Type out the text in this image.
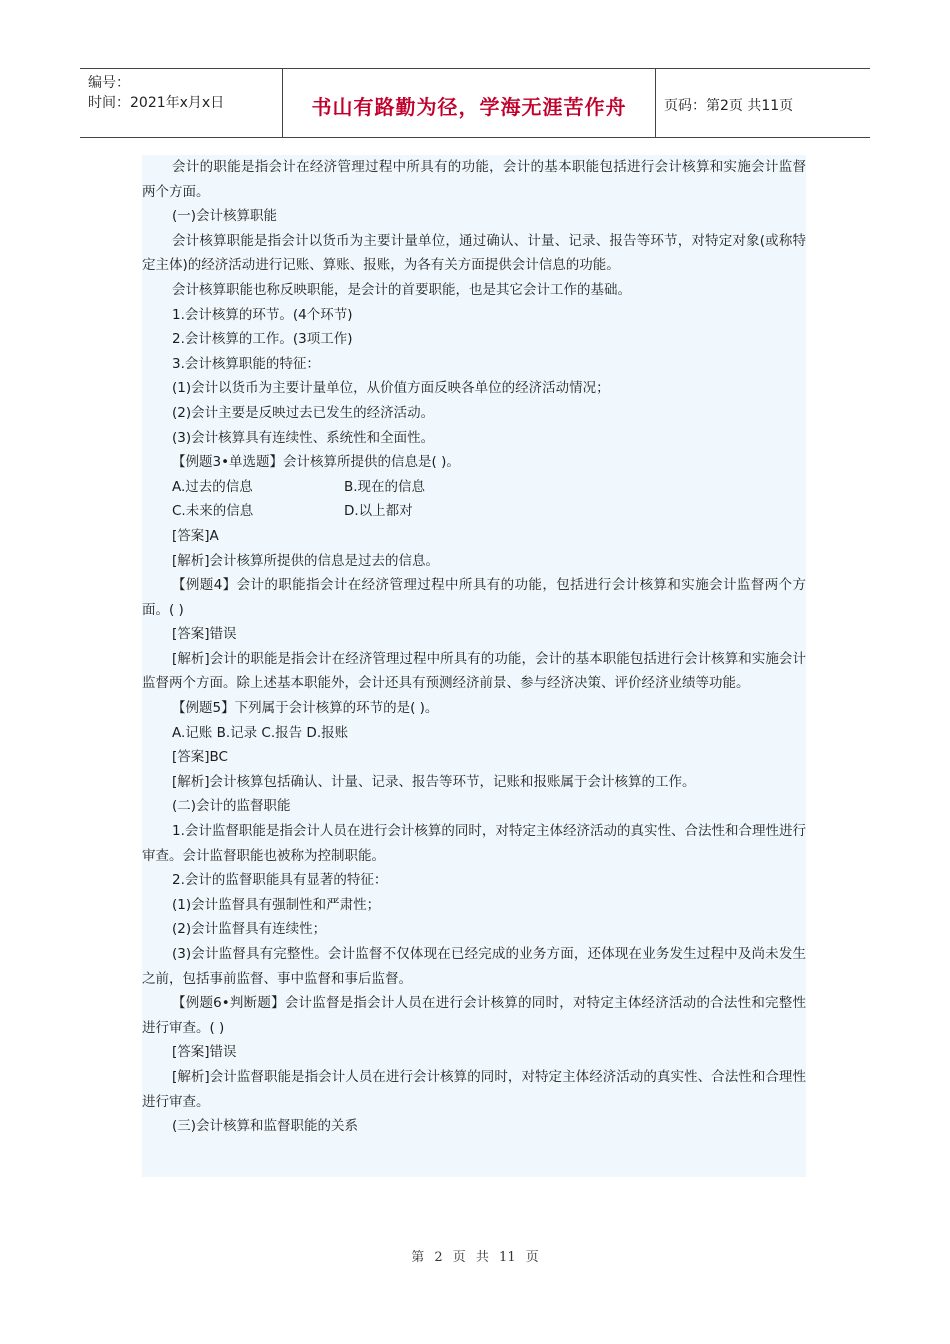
编号：
时间：2021年x月x日	书山有路勤为径，学海无涯苦作舟	页码：第2页 共11页

会计的职能是指会计在经济管理过程中所具有的功能，会计的基本职能包括进行会计核算和实施会计监督两个方面。

(一)会计核算职能

会计核算职能是指会计以货币为主要计量单位，通过确认、计量、记录、报告等环节，对特定对象(或称特定主体)的经济活动进行记账、算账、报账，为各有关方面提供会计信息的功能。

会计核算职能也称反映职能，是会计的首要职能，也是其它会计工作的基础。

1.会计核算的环节。(4个环节)

2.会计核算的工作。(3项工作)

3.会计核算职能的特征：

(1)会计以货币为主要计量单位，从价值方面反映各单位的经济活动情况；

(2)会计主要是反映过去已发生的经济活动。

(3)会计核算具有连续性、系统性和全面性。

【例题3•单选题】会计核算所提供的信息是( )。

A.过去的信息	B.现在的信息
C.未来的信息	D.以上都对

[答案]A

[解析]会计核算所提供的信息是过去的信息。

【例题4】会计的职能指会计在经济管理过程中所具有的功能，包括进行会计核算和实施会计监督两个方面。( )

[答案]错误

[解析]会计的职能是指会计在经济管理过程中所具有的功能，会计的基本职能包括进行会计核算和实施会计监督两个方面。除上述基本职能外，会计还具有预测经济前景、参与经济决策、评价经济业绩等功能。

【例题5】下列属于会计核算的环节的是( )。

A.记账 B.记录 C.报告 D.报账

[答案]BC

[解析]会计核算包括确认、计量、记录、报告等环节，记账和报账属于会计核算的工作。

(二)会计的监督职能

1.会计监督职能是指会计人员在进行会计核算的同时，对特定主体经济活动的真实性、合法性和合理性进行审查。会计监督职能也被称为控制职能。

2.会计的监督职能具有显著的特征：

(1)会计监督具有强制性和严肃性；

(2)会计监督具有连续性；

(3)会计监督具有完整性。会计监督不仅体现在已经完成的业务方面，还体现在业务发生过程中及尚未发生之前，包括事前监督、事中监督和事后监督。

【例题6•判断题】会计监督是指会计人员在进行会计核算的同时，对特定主体经济活动的合法性和完整性进行审查。( )

[答案]错误

[解析]会计监督职能是指会计人员在进行会计核算的同时，对特定主体经济活动的真实性、合法性和合理性进行审查。

(三)会计核算和监督职能的关系

第 2 页 共 11 页
